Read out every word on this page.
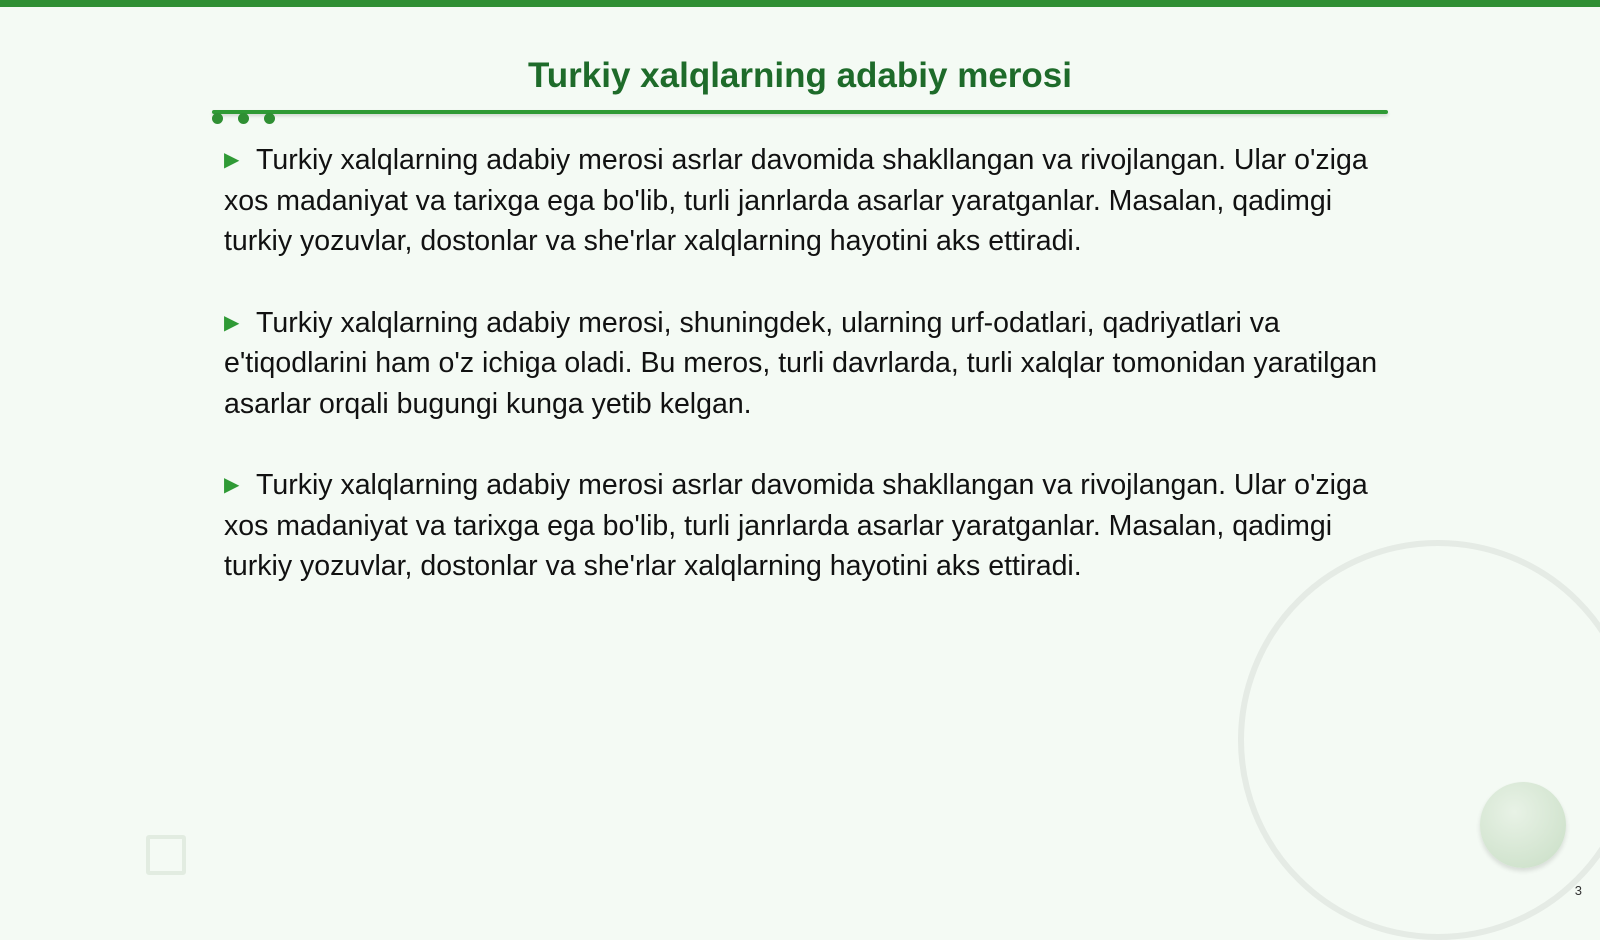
Turkiy xalqlarning adabiy merosi

▶ Turkiy xalqlarning adabiy merosi asrlar davomida shakllangan va rivojlangan. Ular o'ziga xos madaniyat va tarixga ega bo'lib, turli janrlarda asarlar yaratganlar. Masalan, qadimgi turkiy yozuvlar, dostonlar va she'rlar xalqlarning hayotini aks ettiradi.

▶ Turkiy xalqlarning adabiy merosi, shuningdek, ularning urf-odatlari, qadriyatlari va e'tiqodlarini ham o'z ichiga oladi. Bu meros, turli davrlarda, turli xalqlar tomonidan yaratilgan asarlar orqali bugungi kunga yetib kelgan.

▶ Turkiy xalqlarning adabiy merosi asrlar davomida shakllangan va rivojlangan. Ular o'ziga xos madaniyat va tarixga ega bo'lib, turli janrlarda asarlar yaratganlar. Masalan, qadimgi turkiy yozuvlar, dostonlar va she'rlar xalqlarning hayotini aks ettiradi.

3
